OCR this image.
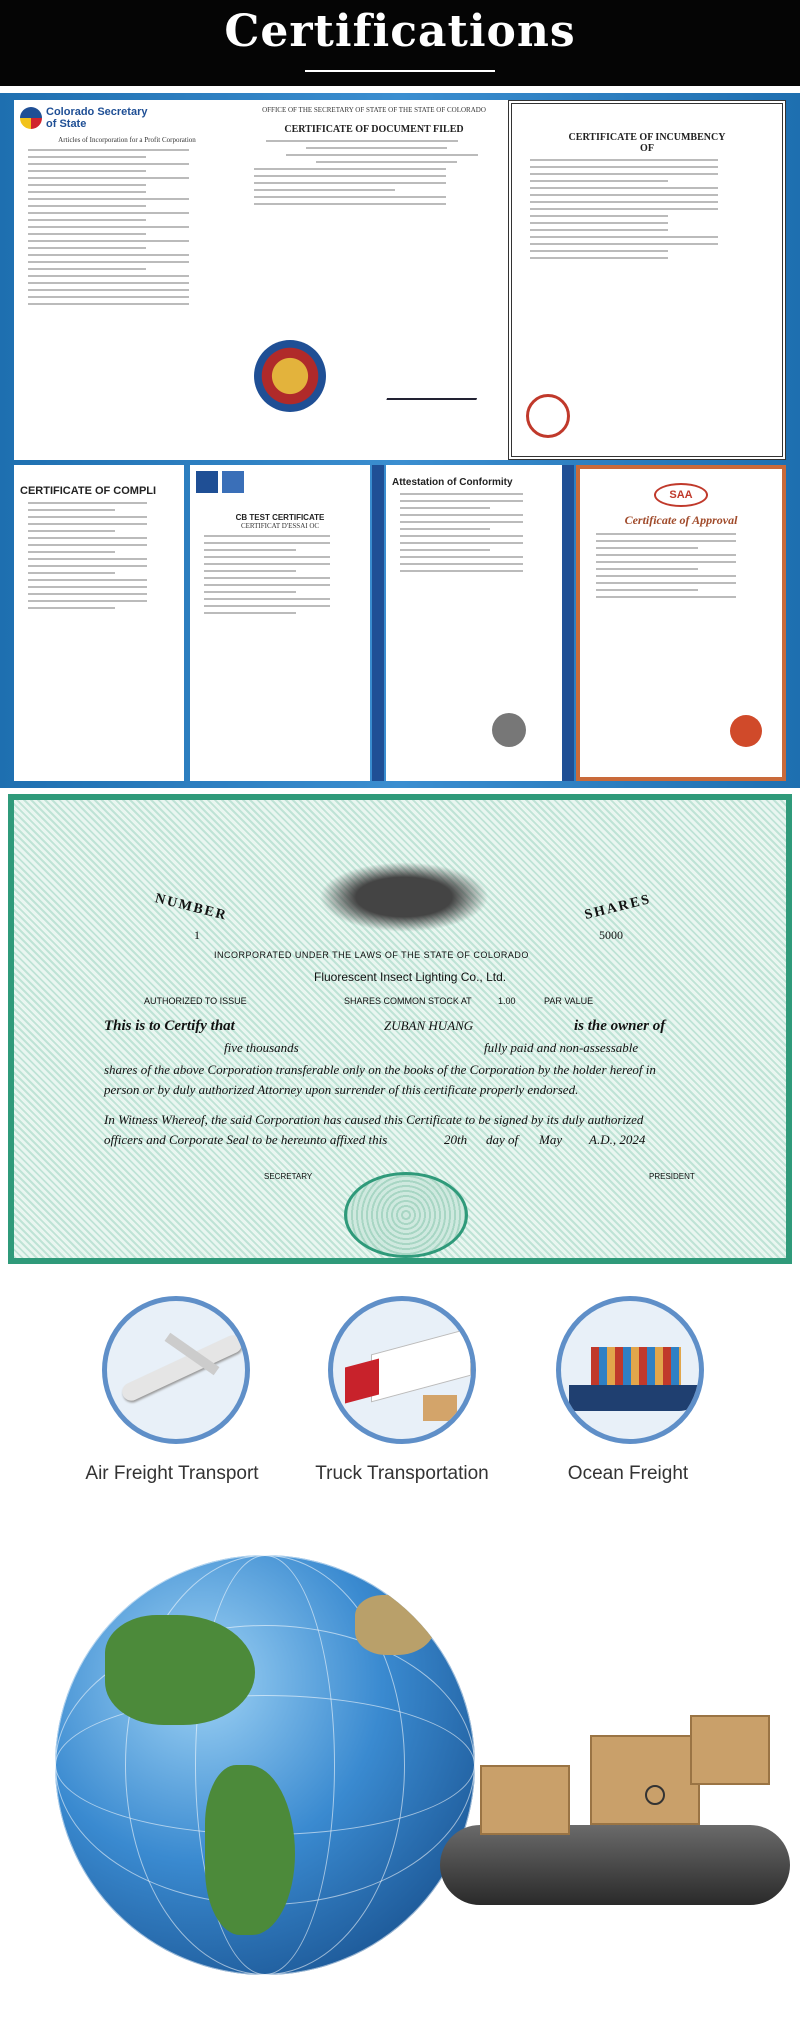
Certifications
Colorado Secretary of State
Articles of Incorporation for a Profit Corporation
OFFICE OF THE SECRETARY OF STATE OF THE STATE OF COLORADO
CERTIFICATE OF DOCUMENT FILED
CERTIFICATE OF INCUMBENCY
OF
CERTIFICATE OF COMPLI
CB TEST CERTIFICATE
CERTIFICAT D'ESSAI OC
Attestation of Conformity
SAA
Certificate of Approval
NUMBER
1
SHARES
5000
INCORPORATED UNDER THE LAWS OF THE STATE OF COLORADO
Fluorescent Insect Lighting Co., Ltd.
AUTHORIZED TO ISSUE	SHARES COMMON STOCK AT	1.00	PAR VALUE
This is to Certify that	ZUBAN HUANG	is the owner of
five thousands	fully paid and non-assessable
shares of the above Corporation transferable only on the books of the Corporation by the holder hereof in
person or by duly authorized Attorney upon surrender of this certificate properly endorsed.
In Witness Whereof, the said Corporation has caused this Certificate to be signed by its duly authorized
officers and Corporate Seal to be hereunto affixed this	20th day of May A.D., 2024
SECRETARY	PRESIDENT
Air Freight Transport	Truck Transportation	Ocean Freight
